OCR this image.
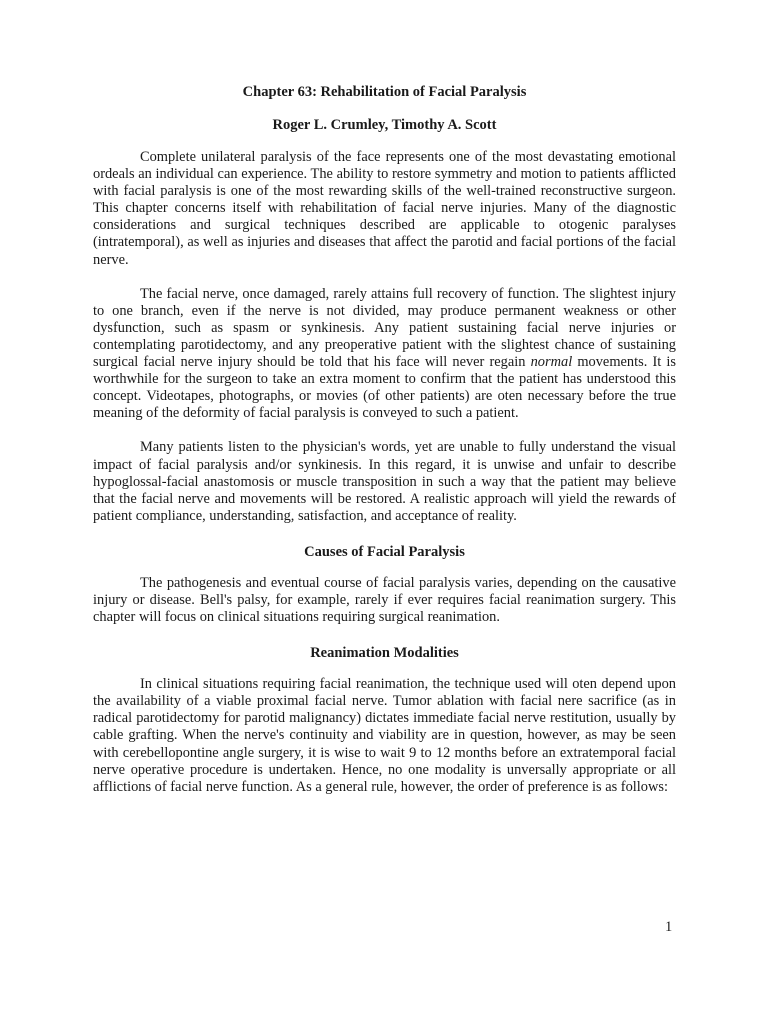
Chapter 63: Rehabilitation of Facial Paralysis
Roger L. Crumley, Timothy A. Scott

Complete unilateral paralysis of the face represents one of the most devastating emotional ordeals an individual can experience. The ability to restore symmetry and motion to patients afflicted with facial paralysis is one of the most rewarding skills of the well-trained reconstructive surgeon. This chapter concerns itself with rehabilitation of facial nerve injuries. Many of the diagnostic considerations and surgical techniques described are applicable to otogenic paralyses (intratemporal), as well as injuries and diseases that affect the parotid and facial portions of the facial nerve.

The facial nerve, once damaged, rarely attains full recovery of function. The slightest injury to one branch, even if the nerve is not divided, may produce permanent weakness or other dysfunction, such as spasm or synkinesis. Any patient sustaining facial nerve injuries or contemplating parotidectomy, and any preoperative patient with the slightest chance of sustaining surgical facial nerve injury should be told that his face will never regain normal movements. It is worthwhile for the surgeon to take an extra moment to confirm that the patient has understood this concept. Videotapes, photographs, or movies (of other patients) are oten necessary before the true meaning of the deformity of facial paralysis is conveyed to such a patient.

Many patients listen to the physician's words, yet are unable to fully understand the visual impact of facial paralysis and/or synkinesis. In this regard, it is unwise and unfair to describe hypoglossal-facial anastomosis or muscle transposition in such a way that the patient may believe that the facial nerve and movements will be restored. A realistic approach will yield the rewards of patient compliance, understanding, satisfaction, and acceptance of reality.

Causes of Facial Paralysis

The pathogenesis and eventual course of facial paralysis varies, depending on the causative injury or disease. Bell's palsy, for example, rarely if ever requires facial reanimation surgery. This chapter will focus on clinical situations requiring surgical reanimation.

Reanimation Modalities

In clinical situations requiring facial reanimation, the technique used will oten depend upon the availability of a viable proximal facial nerve. Tumor ablation with facial nere sacrifice (as in radical parotidectomy for parotid malignancy) dictates immediate facial nerve restitution, usually by cable grafting. When the nerve's continuity and viability are in question, however, as may be seen with cerebellopontine angle surgery, it is wise to wait 9 to 12 months before an extratemporal facial nerve operative procedure is undertaken. Hence, no one modality is unversally appropriate or all afflictions of facial nerve function. As a general rule, however, the order of preference is as follows:

1
